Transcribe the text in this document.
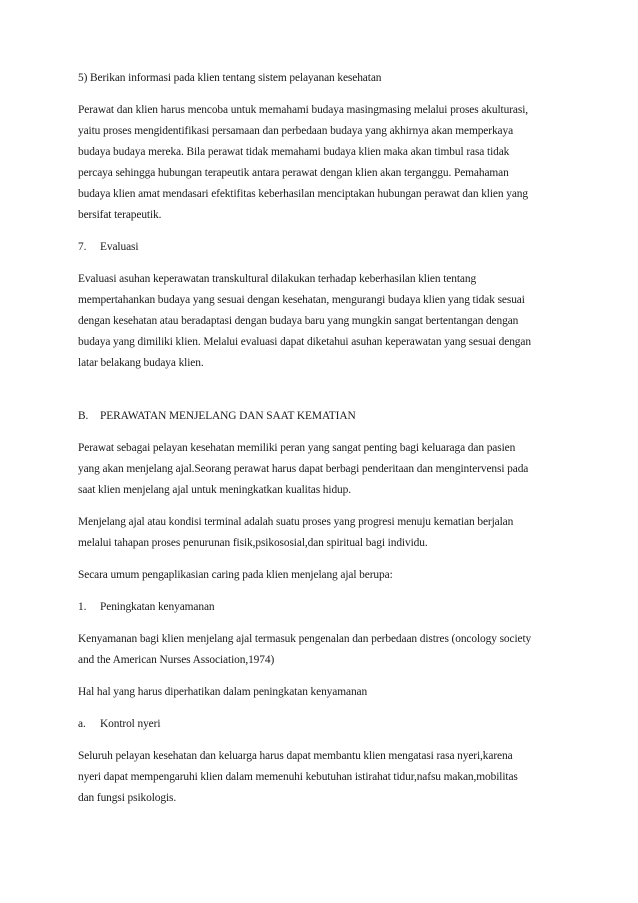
5) Berikan informasi pada klien tentang sistem pelayanan kesehatan
Perawat dan klien harus mencoba untuk memahami budaya masingmasing melalui proses akulturasi,
yaitu proses mengidentifikasi persamaan dan perbedaan budaya yang akhirnya akan memperkaya
budaya budaya mereka. Bila perawat tidak memahami budaya klien maka akan timbul rasa tidak
percaya sehingga hubungan terapeutik antara perawat dengan klien akan terganggu. Pemahaman
budaya klien amat mendasari efektifitas keberhasilan menciptakan hubungan perawat dan klien yang
bersifat terapeutik.
7. Evaluasi
Evaluasi asuhan keperawatan transkultural dilakukan terhadap keberhasilan klien tentang
mempertahankan budaya yang sesuai dengan kesehatan, mengurangi budaya klien yang tidak sesuai
dengan kesehatan atau beradaptasi dengan budaya baru yang mungkin sangat bertentangan dengan
budaya yang dimiliki klien. Melalui evaluasi dapat diketahui asuhan keperawatan yang sesuai dengan
latar belakang budaya klien.
B. PERAWATAN MENJELANG DAN SAAT KEMATIAN
Perawat sebagai pelayan kesehatan memiliki peran yang sangat penting bagi keluaraga dan pasien
yang akan menjelang ajal.Seorang perawat harus dapat berbagi penderitaan dan mengintervensi pada
saat klien menjelang ajal untuk meningkatkan kualitas hidup.
Menjelang ajal atau kondisi terminal adalah suatu proses yang progresi menuju kematian berjalan
melalui tahapan proses penurunan fisik,psikososial,dan spiritual bagi individu.
Secara umum pengaplikasian caring pada klien menjelang ajal berupa:
1. Peningkatan kenyamanan
Kenyamanan bagi klien menjelang ajal termasuk pengenalan dan perbedaan distres (oncology society
and the American Nurses Association,1974)
Hal hal yang harus diperhatikan dalam peningkatan kenyamanan
a. Kontrol nyeri
Seluruh pelayan kesehatan dan keluarga harus dapat membantu klien mengatasi rasa nyeri,karena
nyeri dapat mempengaruhi klien dalam memenuhi kebutuhan istirahat tidur,nafsu makan,mobilitas
dan fungsi psikologis.
